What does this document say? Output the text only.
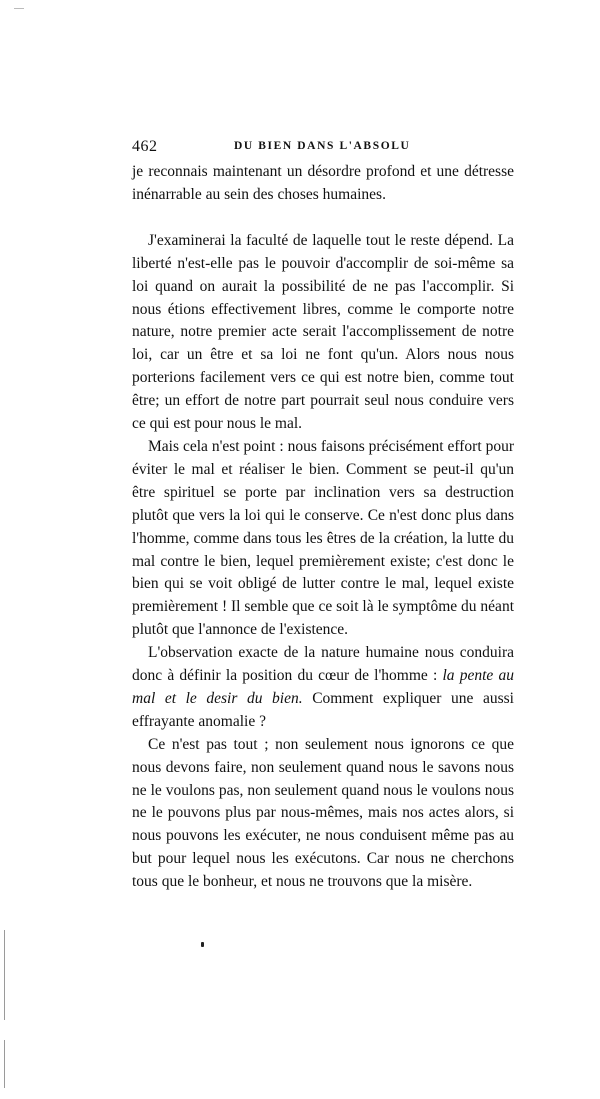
462	DU BIEN DANS L'ABSOLU

je reconnais maintenant un désordre profond et une détresse inénarrable au sein des choses humaines.

J'examinerai la faculté de laquelle tout le reste dépend. La liberté n'est-elle pas le pouvoir d'accomplir de soi-même sa loi quand on aurait la possibilité de ne pas l'accomplir. Si nous étions effectivement libres, comme le comporte notre nature, notre premier acte serait l'accomplissement de notre loi, car un être et sa loi ne font qu'un. Alors nous nous porterions facilement vers ce qui est notre bien, comme tout être; un effort de notre part pourrait seul nous conduire vers ce qui est pour nous le mal.

Mais cela n'est point : nous faisons précisément effort pour éviter le mal et réaliser le bien. Comment se peut-il qu'un être spirituel se porte par inclination vers sa destruction plutôt que vers la loi qui le conserve. Ce n'est donc plus dans l'homme, comme dans tous les êtres de la création, la lutte du mal contre le bien, lequel premièrement existe; c'est donc le bien qui se voit obligé de lutter contre le mal, lequel existe premièrement ! Il semble que ce soit là le symptôme du néant plutôt que l'annonce de l'existence.

L'observation exacte de la nature humaine nous conduira donc à définir la position du cœur de l'homme : la pente au mal et le desir du bien. Comment expliquer une aussi effrayante anomalie ?

Ce n'est pas tout ; non seulement nous ignorons ce que nous devons faire, non seulement quand nous le savons nous ne le voulons pas, non seulement quand nous le voulons nous ne le pouvons plus par nous-mêmes, mais nos actes alors, si nous pouvons les exécuter, ne nous conduisent même pas au but pour lequel nous les exécutons. Car nous ne cherchons tous que le bonheur, et nous ne trouvons que la misère.
